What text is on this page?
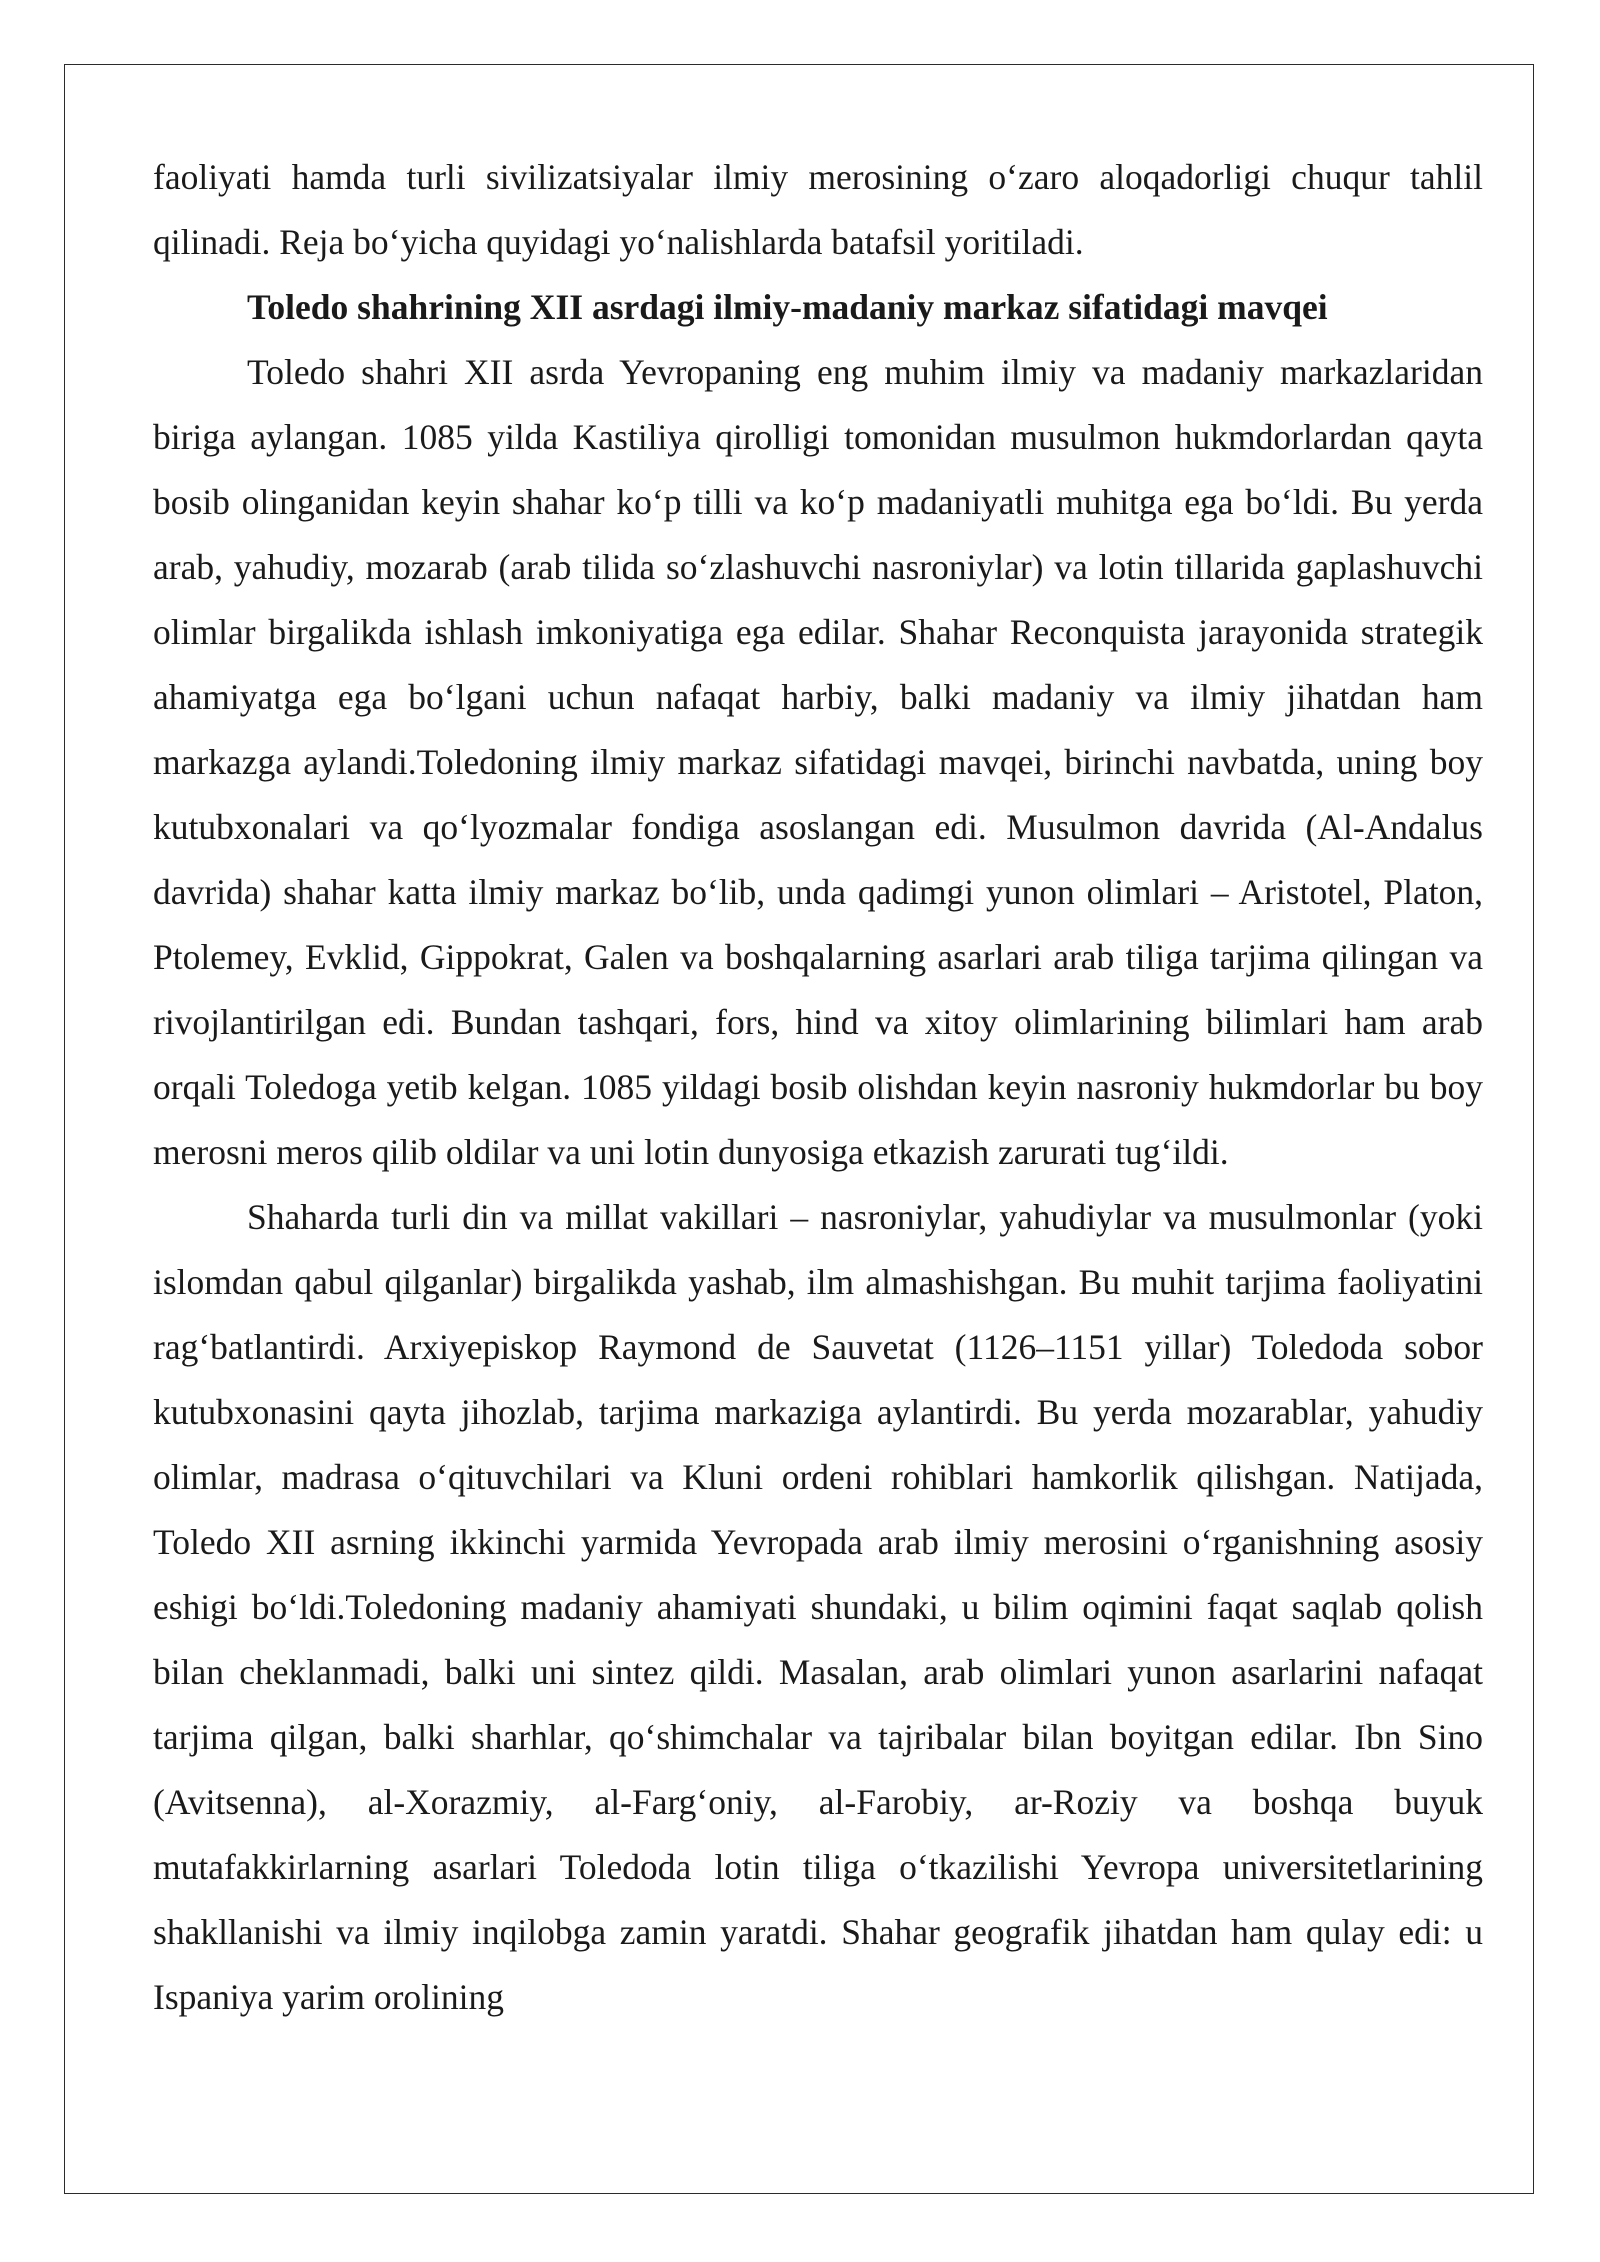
faoliyati hamda turli sivilizatsiyalar ilmiy merosining o‘zaro aloqadorligi chuqur tahlil qilinadi. Reja bo‘yicha quyidagi yo‘nalishlarda batafsil yoritiladi.

Toledo shahrining XII asrdagi ilmiy-madaniy markaz sifatidagi mavqei

Toledo shahri XII asrda Yevropaning eng muhim ilmiy va madaniy markazlaridan biriga aylangan. 1085 yilda Kastiliya qirolligi tomonidan musulmon hukmdorlardan qayta bosib olinganidan keyin shahar ko‘p tilli va ko‘p madaniyatli muhitga ega bo‘ldi. Bu yerda arab, yahudiy, mozarab (arab tilida so‘zlashuvchi nasroniylar) va lotin tillarida gaplashuvchi olimlar birgalikda ishlash imkoniyatiga ega edilar. Shahar Reconquista jarayonida strategik ahamiyatga ega bo‘lgani uchun nafaqat harbiy, balki madaniy va ilmiy jihatdan ham markazga aylandi.Toledoning ilmiy markaz sifatidagi mavqei, birinchi navbatda, uning boy kutubxonalari va qo‘lyozmalar fondiga asoslangan edi. Musulmon davrida (Al-Andalus davrida) shahar katta ilmiy markaz bo‘lib, unda qadimgi yunon olimlari – Aristotel, Platon, Ptolemey, Evklid, Gippokrat, Galen va boshqalarning asarlari arab tiliga tarjima qilingan va rivojlantirilgan edi. Bundan tashqari, fors, hind va xitoy olimlarining bilimlari ham arab orqali Toledoga yetib kelgan. 1085 yildagi bosib olishdan keyin nasroniy hukmdorlar bu boy merosni meros qilib oldilar va uni lotin dunyosiga etkazish zarurati tug‘ildi.

Shaharda turli din va millat vakillari – nasroniylar, yahudiylar va musulmonlar (yoki islomdan qabul qilganlar) birgalikda yashab, ilm almashishgan. Bu muhit tarjima faoliyatini rag‘batlantirdi. Arxiyepiskop Raymond de Sauvetat (1126–1151 yillar) Toledoda sobor kutubxonasini qayta jihozlab, tarjima markaziga aylantirdi. Bu yerda mozarablar, yahudiy olimlar, madrasa o‘qituvchilari va Kluni ordeni rohiblari hamkorlik qilishgan. Natijada, Toledo XII asrning ikkinchi yarmida Yevropada arab ilmiy merosini o‘rganishning asosiy eshigi bo‘ldi.Toledoning madaniy ahamiyati shundaki, u bilim oqimini faqat saqlab qolish bilan cheklanmadi, balki uni sintez qildi. Masalan, arab olimlari yunon asarlarini nafaqat tarjima qilgan, balki sharhlar, qo‘shimchalar va tajribalar bilan boyitgan edilar. Ibn Sino (Avitsenna), al-Xorazmiy, al-Farg‘oniy, al-Farobiy, ar-Roziy va boshqa buyuk mutafakkirlarning asarlari Toledoda lotin tiliga o‘tkazilishi Yevropa universitetlarining shakllanishi va ilmiy inqilobga zamin yaratdi. Shahar geografik jihatdan ham qulay edi: u Ispaniya yarim orolining
